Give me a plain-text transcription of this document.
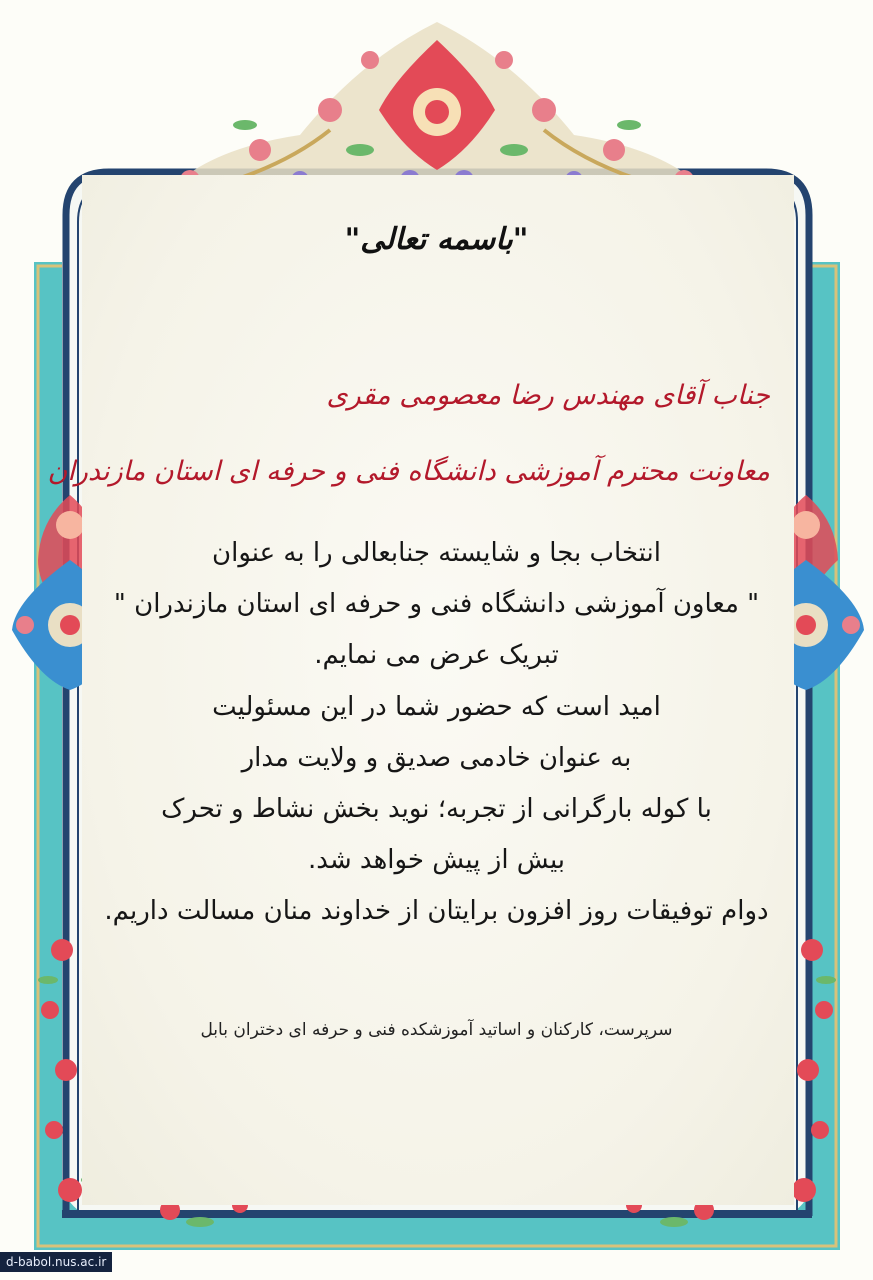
"باسمه تعالی"
جناب آقای مهندس رضا معصومی مقری
معاونت محترم آموزشی دانشگاه فنی و حرفه ای استان مازندران
انتخاب بجا و شایسته جنابعالی را به عنوان
" معاون آموزشی دانشگاه فنی و حرفه ای استان مازندران "
تبریک عرض می نمایم.
امید است که حضور شما در این مسئولیت
به عنوان خادمی صدیق و ولایت مدار
با کوله بارگرانی از تجربه؛ نوید بخش نشاط و تحرک
بیش از پیش خواهد شد.
دوام توفیقات روز افزون برایتان از خداوند منان مسالت داریم.
سرپرست، کارکنان و اساتید آموزشکده فنی و حرفه ای دختران بابل
d-babol.nus.ac.ir
